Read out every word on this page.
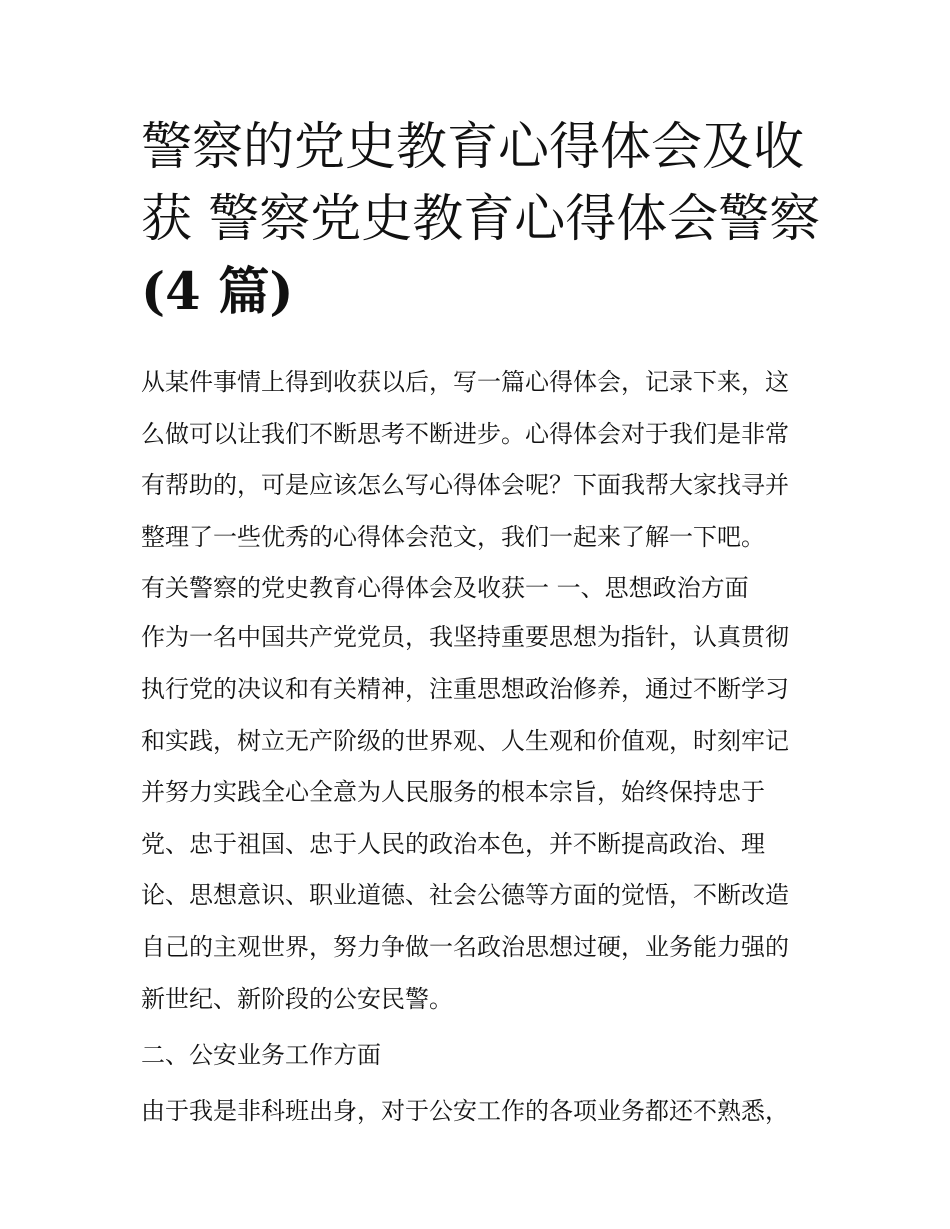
警察的党史教育心得体会及收
获 警察党史教育心得体会警察
(4 篇)
从某件事情上得到收获以后，写一篇心得体会，记录下来，这
么做可以让我们不断思考不断进步。心得体会对于我们是非常
有帮助的，可是应该怎么写心得体会呢？下面我帮大家找寻并
整理了一些优秀的心得体会范文，我们一起来了解一下吧。
有关警察的党史教育心得体会及收获一 一、思想政治方面
作为一名中国共产党党员，我坚持重要思想为指针，认真贯彻
执行党的决议和有关精神，注重思想政治修养，通过不断学习
和实践，树立无产阶级的世界观、人生观和价值观，时刻牢记
并努力实践全心全意为人民服务的根本宗旨，始终保持忠于
党、忠于祖国、忠于人民的政治本色，并不断提高政治、理
论、思想意识、职业道德、社会公德等方面的觉悟，不断改造
自己的主观世界，努力争做一名政治思想过硬，业务能力强的
新世纪、新阶段的公安民警。
二、公安业务工作方面
由于我是非科班出身，对于公安工作的各项业务都还不熟悉，
